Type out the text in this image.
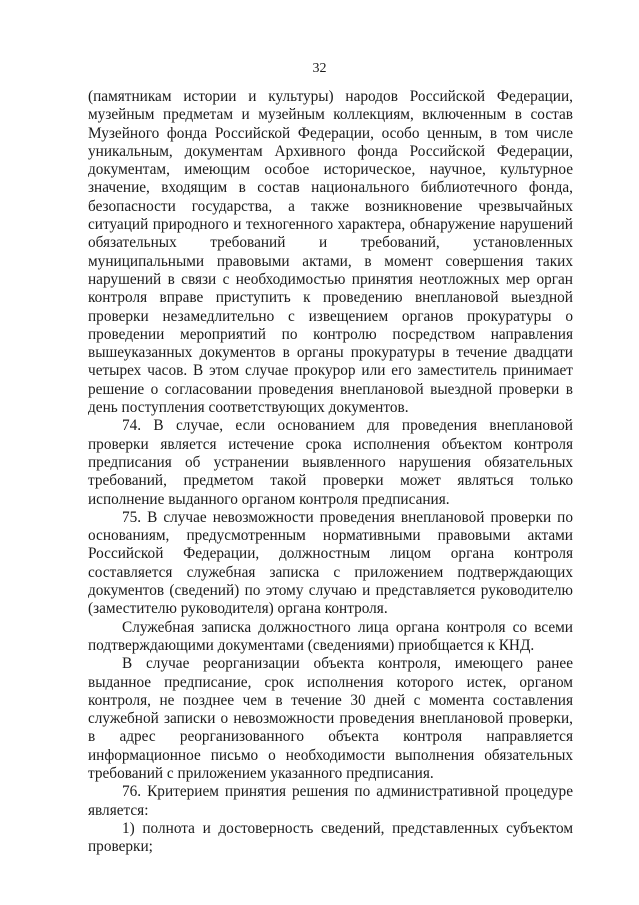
32

(памятникам истории и культуры) народов Российской Федерации, музейным предметам и музейным коллекциям, включенным в состав Музейного фонда Российской Федерации, особо ценным, в том числе уникальным, документам Архивного фонда Российской Федерации, документам, имеющим особое историческое, научное, культурное значение, входящим в состав национального библиотечного фонда, безопасности государства, а также возникновение чрезвычайных ситуаций природного и техногенного характера, обнаружение нарушений обязательных требований и требований, установленных муниципальными правовыми актами, в момент совершения таких нарушений в связи с необходимостью принятия неотложных мер орган контроля вправе приступить к проведению внеплановой выездной проверки незамедлительно с извещением органов прокуратуры о проведении мероприятий по контролю посредством направления вышеуказанных документов в органы прокуратуры в течение двадцати четырех часов. В этом случае прокурор или его заместитель принимает решение о согласовании проведения внеплановой выездной проверки в день поступления соответствующих документов.

74. В случае, если основанием для проведения внеплановой проверки является истечение срока исполнения объектом контроля предписания об устранении выявленного нарушения обязательных требований, предметом такой проверки может являться только исполнение выданного органом контроля предписания.

75. В случае невозможности проведения внеплановой проверки по основаниям, предусмотренным нормативными правовыми актами Российской Федерации, должностным лицом органа контроля составляется служебная записка с приложением подтверждающих документов (сведений) по этому случаю и представляется руководителю (заместителю руководителя) органа контроля.

Служебная записка должностного лица органа контроля со всеми подтверждающими документами (сведениями) приобщается к КНД.

В случае реорганизации объекта контроля, имеющего ранее выданное предписание, срок исполнения которого истек, органом контроля, не позднее чем в течение 30 дней с момента составления служебной записки о невозможности проведения внеплановой проверки, в адрес реорганизованного объекта контроля направляется информационное письмо о необходимости выполнения обязательных требований с приложением указанного предписания.

76. Критерием принятия решения по административной процедуре является:

1) полнота и достоверность сведений, представленных субъектом проверки;
